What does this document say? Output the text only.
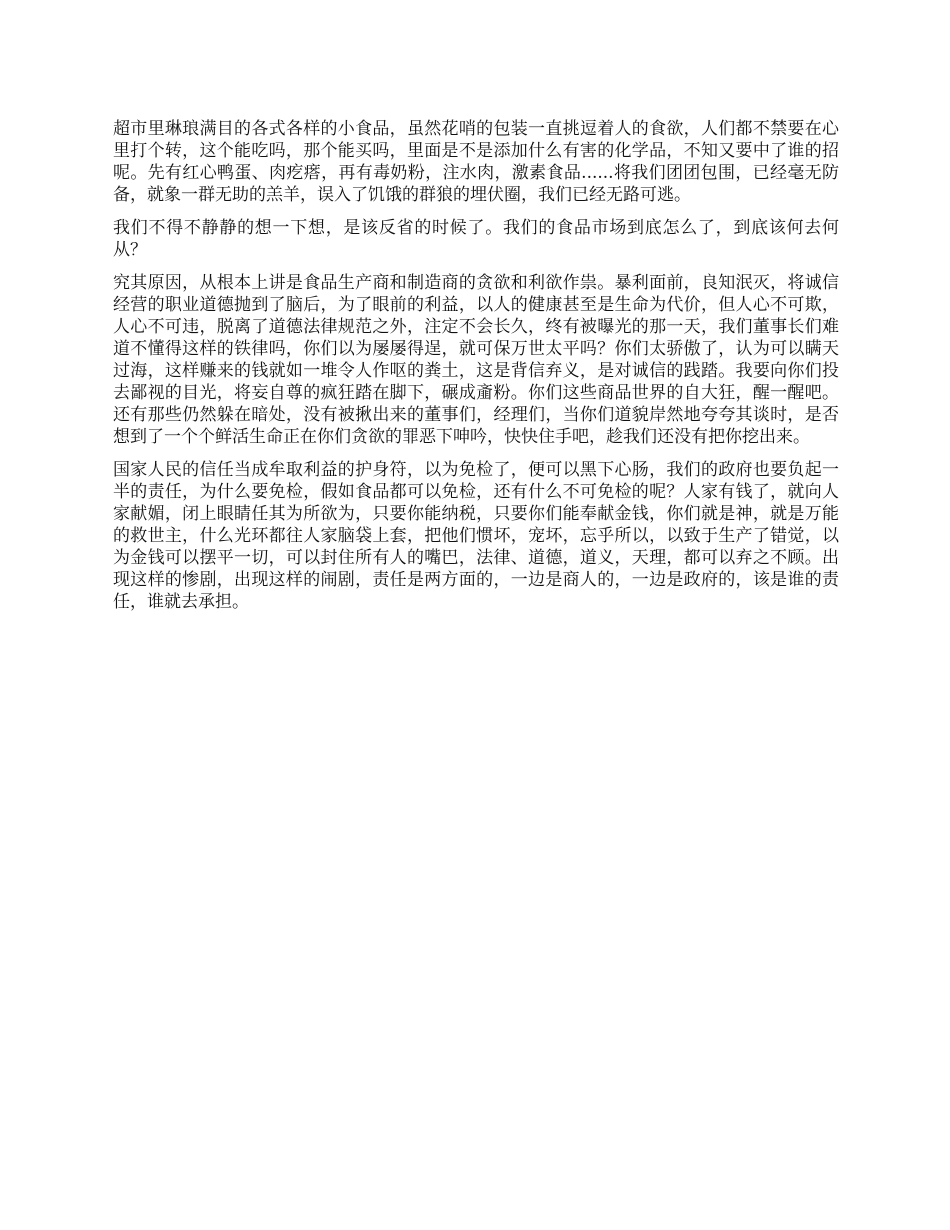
超市里琳琅满目的各式各样的小食品，虽然花哨的包装一直挑逗着人的食欲，人们都不禁要在心里打个转，这个能吃吗，那个能买吗，里面是不是添加什么有害的化学品，不知又要中了谁的招呢。先有红心鸭蛋、肉疙瘩，再有毒奶粉，注水肉，激素食品......将我们团团包围，已经毫无防备，就象一群无助的羔羊，误入了饥饿的群狼的埋伏圈，我们已经无路可逃。

我们不得不静静的想一下想，是该反省的时候了。我们的食品市场到底怎么了，到底该何去何从？

究其原因，从根本上讲是食品生产商和制造商的贪欲和利欲作祟。暴利面前，良知泯灭，将诚信经营的职业道德抛到了脑后，为了眼前的利益，以人的健康甚至是生命为代价，但人心不可欺，人心不可违，脱离了道德法律规范之外，注定不会长久，终有被曝光的那一天，我们董事长们难道不懂得这样的铁律吗，你们以为屡屡得逞，就可保万世太平吗？你们太骄傲了，认为可以瞒天过海，这样赚来的钱就如一堆令人作呕的粪土，这是背信弃义，是对诚信的践踏。我要向你们投去鄙视的目光，将妄自尊的疯狂踏在脚下，碾成齑粉。你们这些商品世界的自大狂，醒一醒吧。还有那些仍然躲在暗处，没有被揪出来的董事们，经理们，当你们道貌岸然地夸夸其谈时，是否想到了一个个鲜活生命正在你们贪欲的罪恶下呻吟，快快住手吧，趁我们还没有把你挖出来。

国家人民的信任当成牟取利益的护身符，以为免检了，便可以黑下心肠，我们的政府也要负起一半的责任，为什么要免检，假如食品都可以免检，还有什么不可免检的呢？人家有钱了，就向人家献媚，闭上眼睛任其为所欲为，只要你能纳税，只要你们能奉献金钱，你们就是神，就是万能的救世主，什么光环都往人家脑袋上套，把他们惯坏，宠坏，忘乎所以，以致于生产了错觉，以为金钱可以摆平一切，可以封住所有人的嘴巴，法律、道德，道义，天理，都可以弃之不顾。出现这样的惨剧，出现这样的闹剧，责任是两方面的，一边是商人的，一边是政府的，该是谁的责任，谁就去承担。
